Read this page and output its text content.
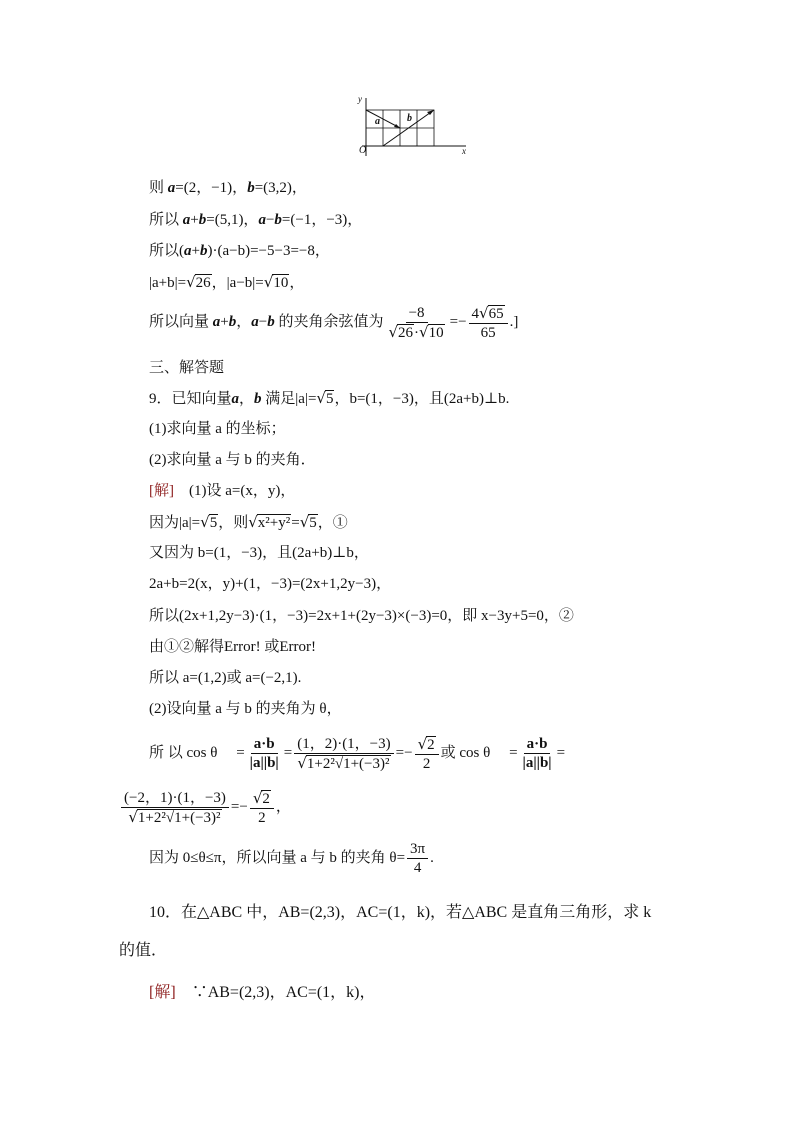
y
x
O
a	b
则 a=(2，−1)，b=(3,2)，
所以 a+b=(5,1)，a−b=(−1，−3)，
所以(a+b)·(a−b)=−5−3=−8，
|a+b|=√26，|a−b|=√10，
所以向量 a+b，a−b 的夹角余弦值为 $\frac{-8}{√26\cdot√10} =- \frac{4√65}{65}$ .]
三、解答题
9．已知向量a，b 满足|a|=√5，b=(1，−3)，且(2a+b)⊥b.
(1)求向量 a 的坐标；
(2)求向量 a 与 b 的夹角．
[解]　 (1)设 a=(x，y)，
因为|a|=√5，则√x²+y²=√5，①
又因为 b=(1，−3)，且(2a+b)⊥b，
2a+b=2(x，y)+(1，−3)=(2x+1,2y−3)，
所以(2x+1,2y−3)·(1，−3)=2x+1+(2y−3)×(−3)=0，即 x−3y+5=0，②
由①②解得Error! 或Error!
所以 a=(1,2)或 a=(−2,1).
(2)设向量 a 与 b 的夹角为 θ，
所 以 cos θ　 = $\frac{a\cdot b}{|a||b|} = \frac{(1,2)\cdot(1,-3)}{\text{√1+2²√1+(−3)²}} =- \frac{√2}{2}$ 或 cos θ　 = $\frac{a\cdot b}{|a||b|}$ =
$\frac{(-2,1)\cdot(1,-3)}{\text{√1+2²√1+(−3)²}} =- \frac{√2}{2}$ ，
因为 0≤θ≤π，所以向量 a 与 b 的夹角 $\theta= \frac{3\pi}{4}$ .
10．在△ABC 中，AB=(2,3)，AC=(1，k)，若△ABC 是直角三角形，求 k
的值．
[解]　 ∵AB=(2,3)，AC=(1，k)，
